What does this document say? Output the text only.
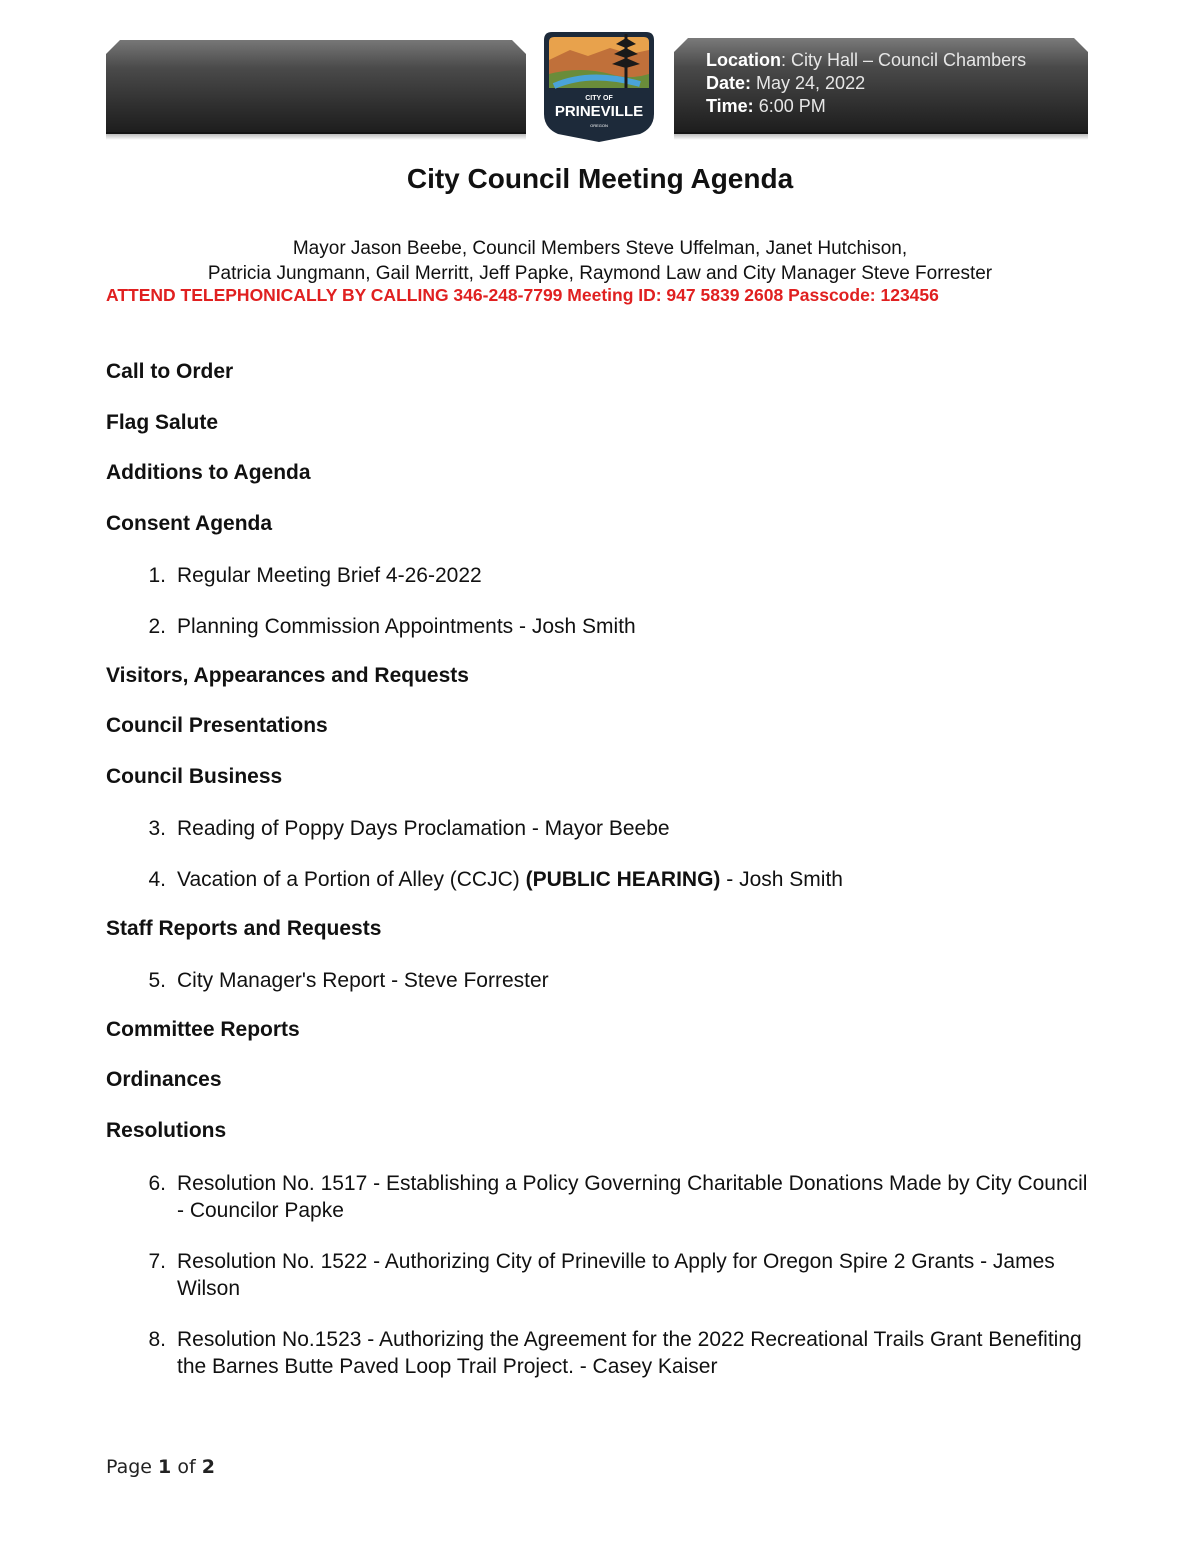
Location: City Hall – Council Chambers
Date: May 24, 2022
Time: 6:00 PM
CITY OF
PRINEVILLE
OREGON
City Council Meeting Agenda
Mayor Jason Beebe, Council Members Steve Uffelman, Janet Hutchison,
Patricia Jungmann, Gail Merritt, Jeff Papke, Raymond Law and City Manager Steve Forrester
ATTEND TELEPHONICALLY BY CALLING 346-248-7799 Meeting ID: 947 5839 2608 Passcode: 123456
Call to Order
Flag Salute
Additions to Agenda
Consent Agenda
1. Regular Meeting Brief 4-26-2022
2. Planning Commission Appointments - Josh Smith
Visitors, Appearances and Requests
Council Presentations
Council Business
3. Reading of Poppy Days Proclamation - Mayor Beebe
4. Vacation of a Portion of Alley (CCJC) (PUBLIC HEARING) - Josh Smith
Staff Reports and Requests
5. City Manager's Report - Steve Forrester
Committee Reports
Ordinances
Resolutions
6. Resolution No. 1517 - Establishing a Policy Governing Charitable Donations Made by City Council - Councilor Papke
7. Resolution No. 1522 - Authorizing City of Prineville to Apply for Oregon Spire 2 Grants - James Wilson
8. Resolution No.1523 - Authorizing the Agreement for the 2022 Recreational Trails Grant Benefiting the Barnes Butte Paved Loop Trail Project. - Casey Kaiser
Page 1 of 2
